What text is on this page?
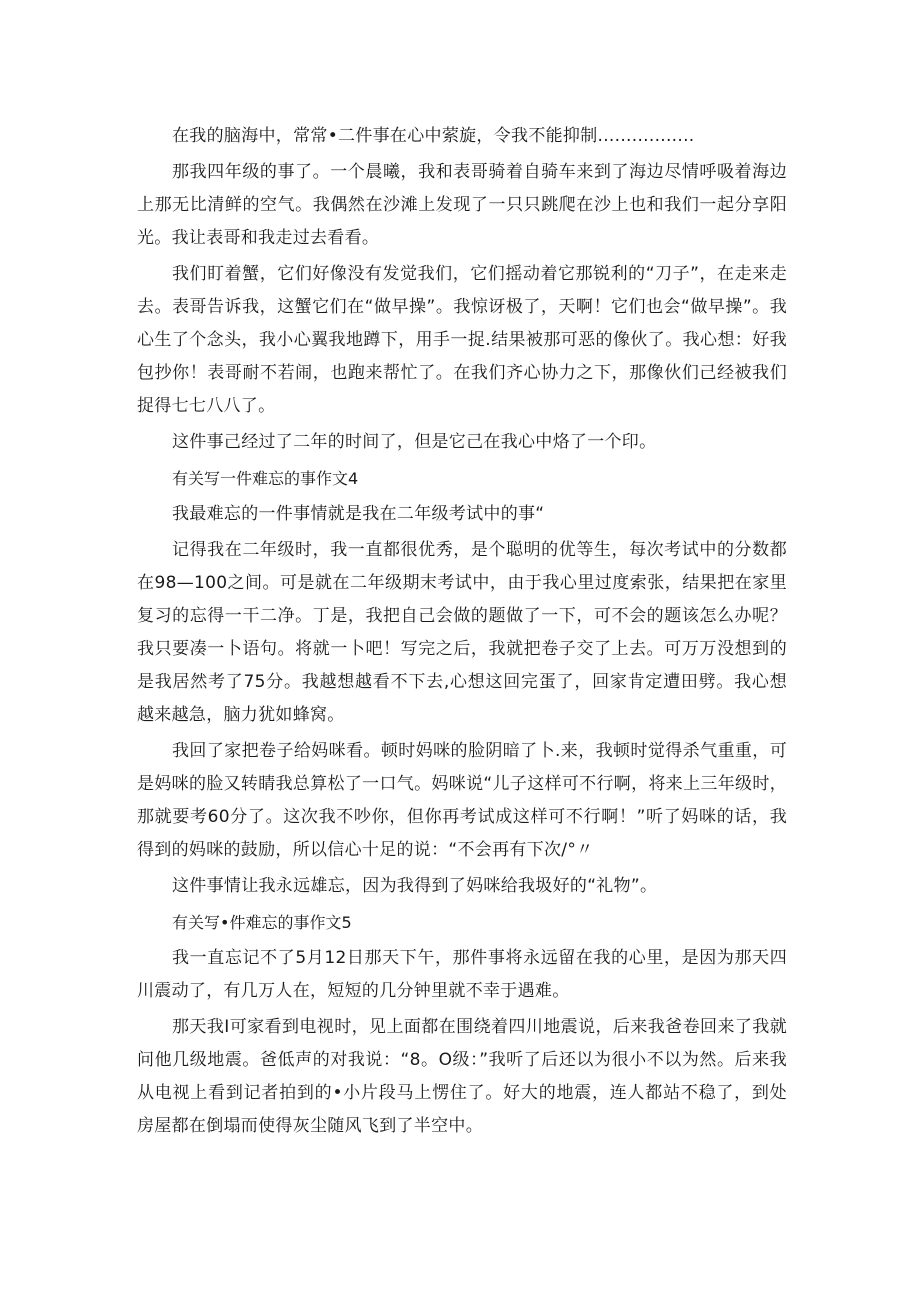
在我的脑海中，常常•二件事在心中萦旋，令我不能抑制.................

那我四年级的事了。一个晨曦，我和表哥骑着自骑车来到了海边尽情呼吸着海边上那无比清鲜的空气。我偶然在沙滩上发现了一只只跳爬在沙上也和我们一起分享阳光。我让表哥和我走过去看看。

我们盯着蟹，它们好像没有发觉我们，它们摇动着它那锐利的“刀子”，在走来走去。表哥告诉我，这蟹它们在“做早操”。我惊讶极了，天啊！它们也会“做早操”。我心生了个念头，我小心翼我地蹲下，用手一捉.结果被那可恶的像伙了。我心想：好我包抄你！表哥耐不若闹，也跑来帮忙了。在我们齐心协力之下，那像伙们己经被我们捉得七七八八了。

这件事己经过了二年的时间了，但是它己在我心中烙了一个印。

有关写一件难忘的事作文4

我最难忘的一件事情就是我在二年级考试中的事“

记得我在二年级时，我一直都很优秀，是个聪明的优等生，每次考试中的分数都在98—100之间。可是就在二年级期末考试中，由于我心里过度索张，结果把在家里复习的忘得一干二净。丁是，我把自己会做的题做了一下，可不会的题该怎么办呢？我只要凑一卜语句。将就一卜吧！写完之后，我就把卷子交了上去。可万万没想到的是我居然考了75分。我越想越看不下去,心想这回完蛋了，回家肯定遭田劈。我心想越来越急，脑力犹如蜂窝。

我回了家把卷子给妈咪看。顿时妈咪的脸阴暗了卜.来，我顿时觉得杀气重重，可是妈咪的脸又转睛我总算松了一口气。妈咪说“儿子这样可不行啊，将来上三年级时，那就要考60分了。这次我不吵你，但你再考试成这样可不行啊！”听了妈咪的话，我得到的妈咪的鼓励，所以信心十足的说：“不会再有下次/°〃

这件事情让我永远雄忘，因为我得到了妈咪给我圾好的“礼物”。

有关写•件难忘的事作文5

我一直忘记不了5月12日那天下午，那件事将永远留在我的心里，是因为那天四川震动了，有几万人在，短短的几分钟里就不幸于遇难。

那天我I可家看到电视时，见上面都在围绕着四川地震说，后来我爸卷回来了我就问他几级地震。爸低声的对我说：“8。O级：”我听了后还以为很小不以为然。后来我从电视上看到记者拍到的•小片段马上愣住了。好大的地震，连人都站不稳了，到处房屋都在倒塌而使得灰尘随风飞到了半空中。
